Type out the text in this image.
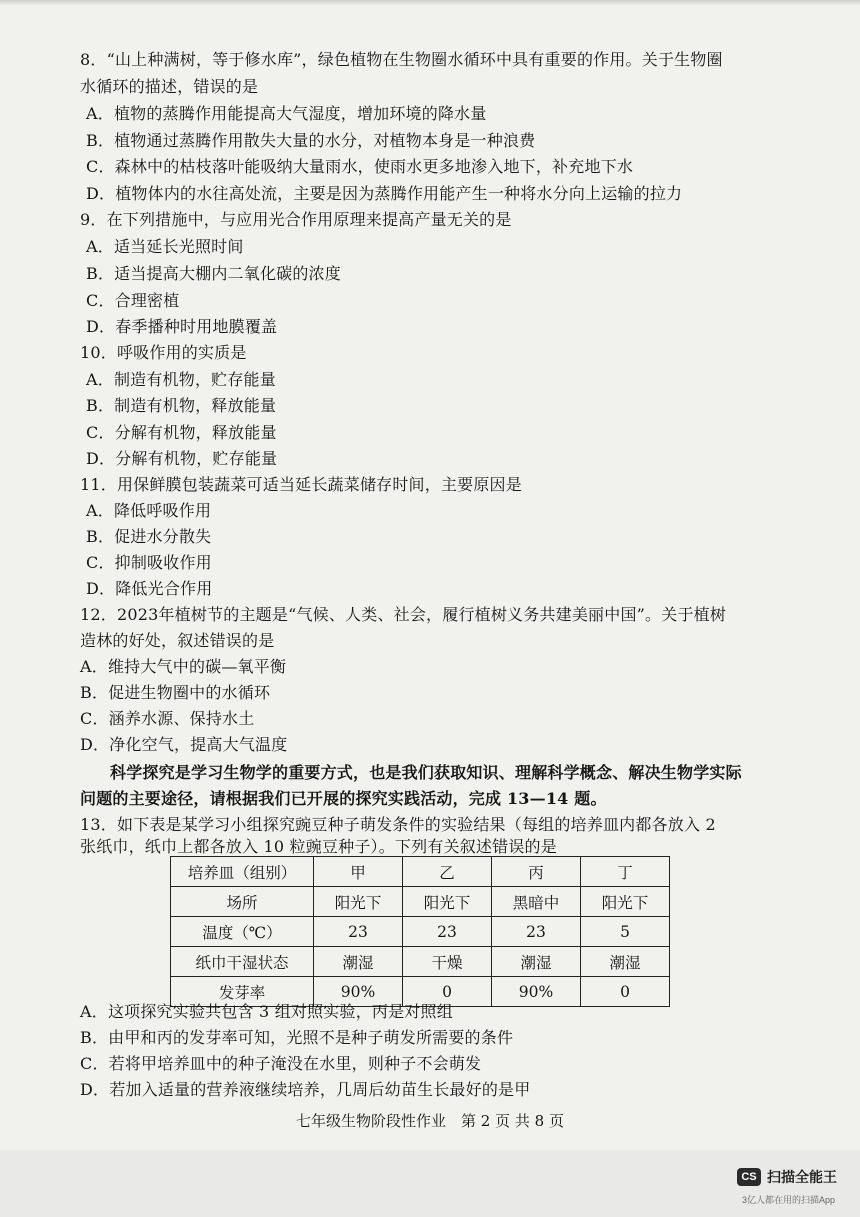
8．“山上种满树，等于修水库”，绿色植物在生物圈水循环中具有重要的作用。关于生物圈
水循环的描述，错误的是
A．植物的蒸腾作用能提高大气湿度，增加环境的降水量
B．植物通过蒸腾作用散失大量的水分，对植物本身是一种浪费
C．森林中的枯枝落叶能吸纳大量雨水，使雨水更多地渗入地下，补充地下水
D．植物体内的水往高处流，主要是因为蒸腾作用能产生一种将水分向上运输的拉力
9．在下列措施中，与应用光合作用原理来提高产量无关的是
A．适当延长光照时间
B．适当提高大棚内二氧化碳的浓度
C．合理密植
D．春季播种时用地膜覆盖
10．呼吸作用的实质是
A．制造有机物，贮存能量
B．制造有机物，释放能量
C．分解有机物，释放能量
D．分解有机物，贮存能量
11．用保鲜膜包装蔬菜可适当延长蔬菜储存时间，主要原因是
A．降低呼吸作用
B．促进水分散失
C．抑制吸收作用
D．降低光合作用
12．2023年植树节的主题是“气候、人类、社会，履行植树义务共建美丽中国”。关于植树
造林的好处，叙述错误的是
A．维持大气中的碳—氧平衡
B．促进生物圈中的水循环
C．涵养水源、保持水土
D．净化空气，提高大气温度
科学探究是学习生物学的重要方式，也是我们获取知识、理解科学概念、解决生物学实际
问题的主要途径，请根据我们已开展的探究实践活动，完成 13—14 题。
13．如下表是某学习小组探究豌豆种子萌发条件的实验结果（每组的培养皿内都各放入 2
张纸巾，纸巾上都各放入 10 粒豌豆种子）。下列有关叙述错误的是
培养皿（组别）	甲	乙	丙	丁
场所	阳光下	阳光下	黑暗中	阳光下
温度（℃）	23	23	23	5
纸巾干湿状态	潮湿	干燥	潮湿	潮湿
发芽率	90%	0	90%	0
A．这项探究实验共包含 3 组对照实验，丙是对照组
B．由甲和丙的发芽率可知，光照不是种子萌发所需要的条件
C．若将甲培养皿中的种子淹没在水里，则种子不会萌发
D．若加入适量的营养液继续培养，几周后幼苗生长最好的是甲
七年级生物阶段性作业　第 2 页 共 8 页
CS 扫描全能王
3亿人都在用的扫描App
